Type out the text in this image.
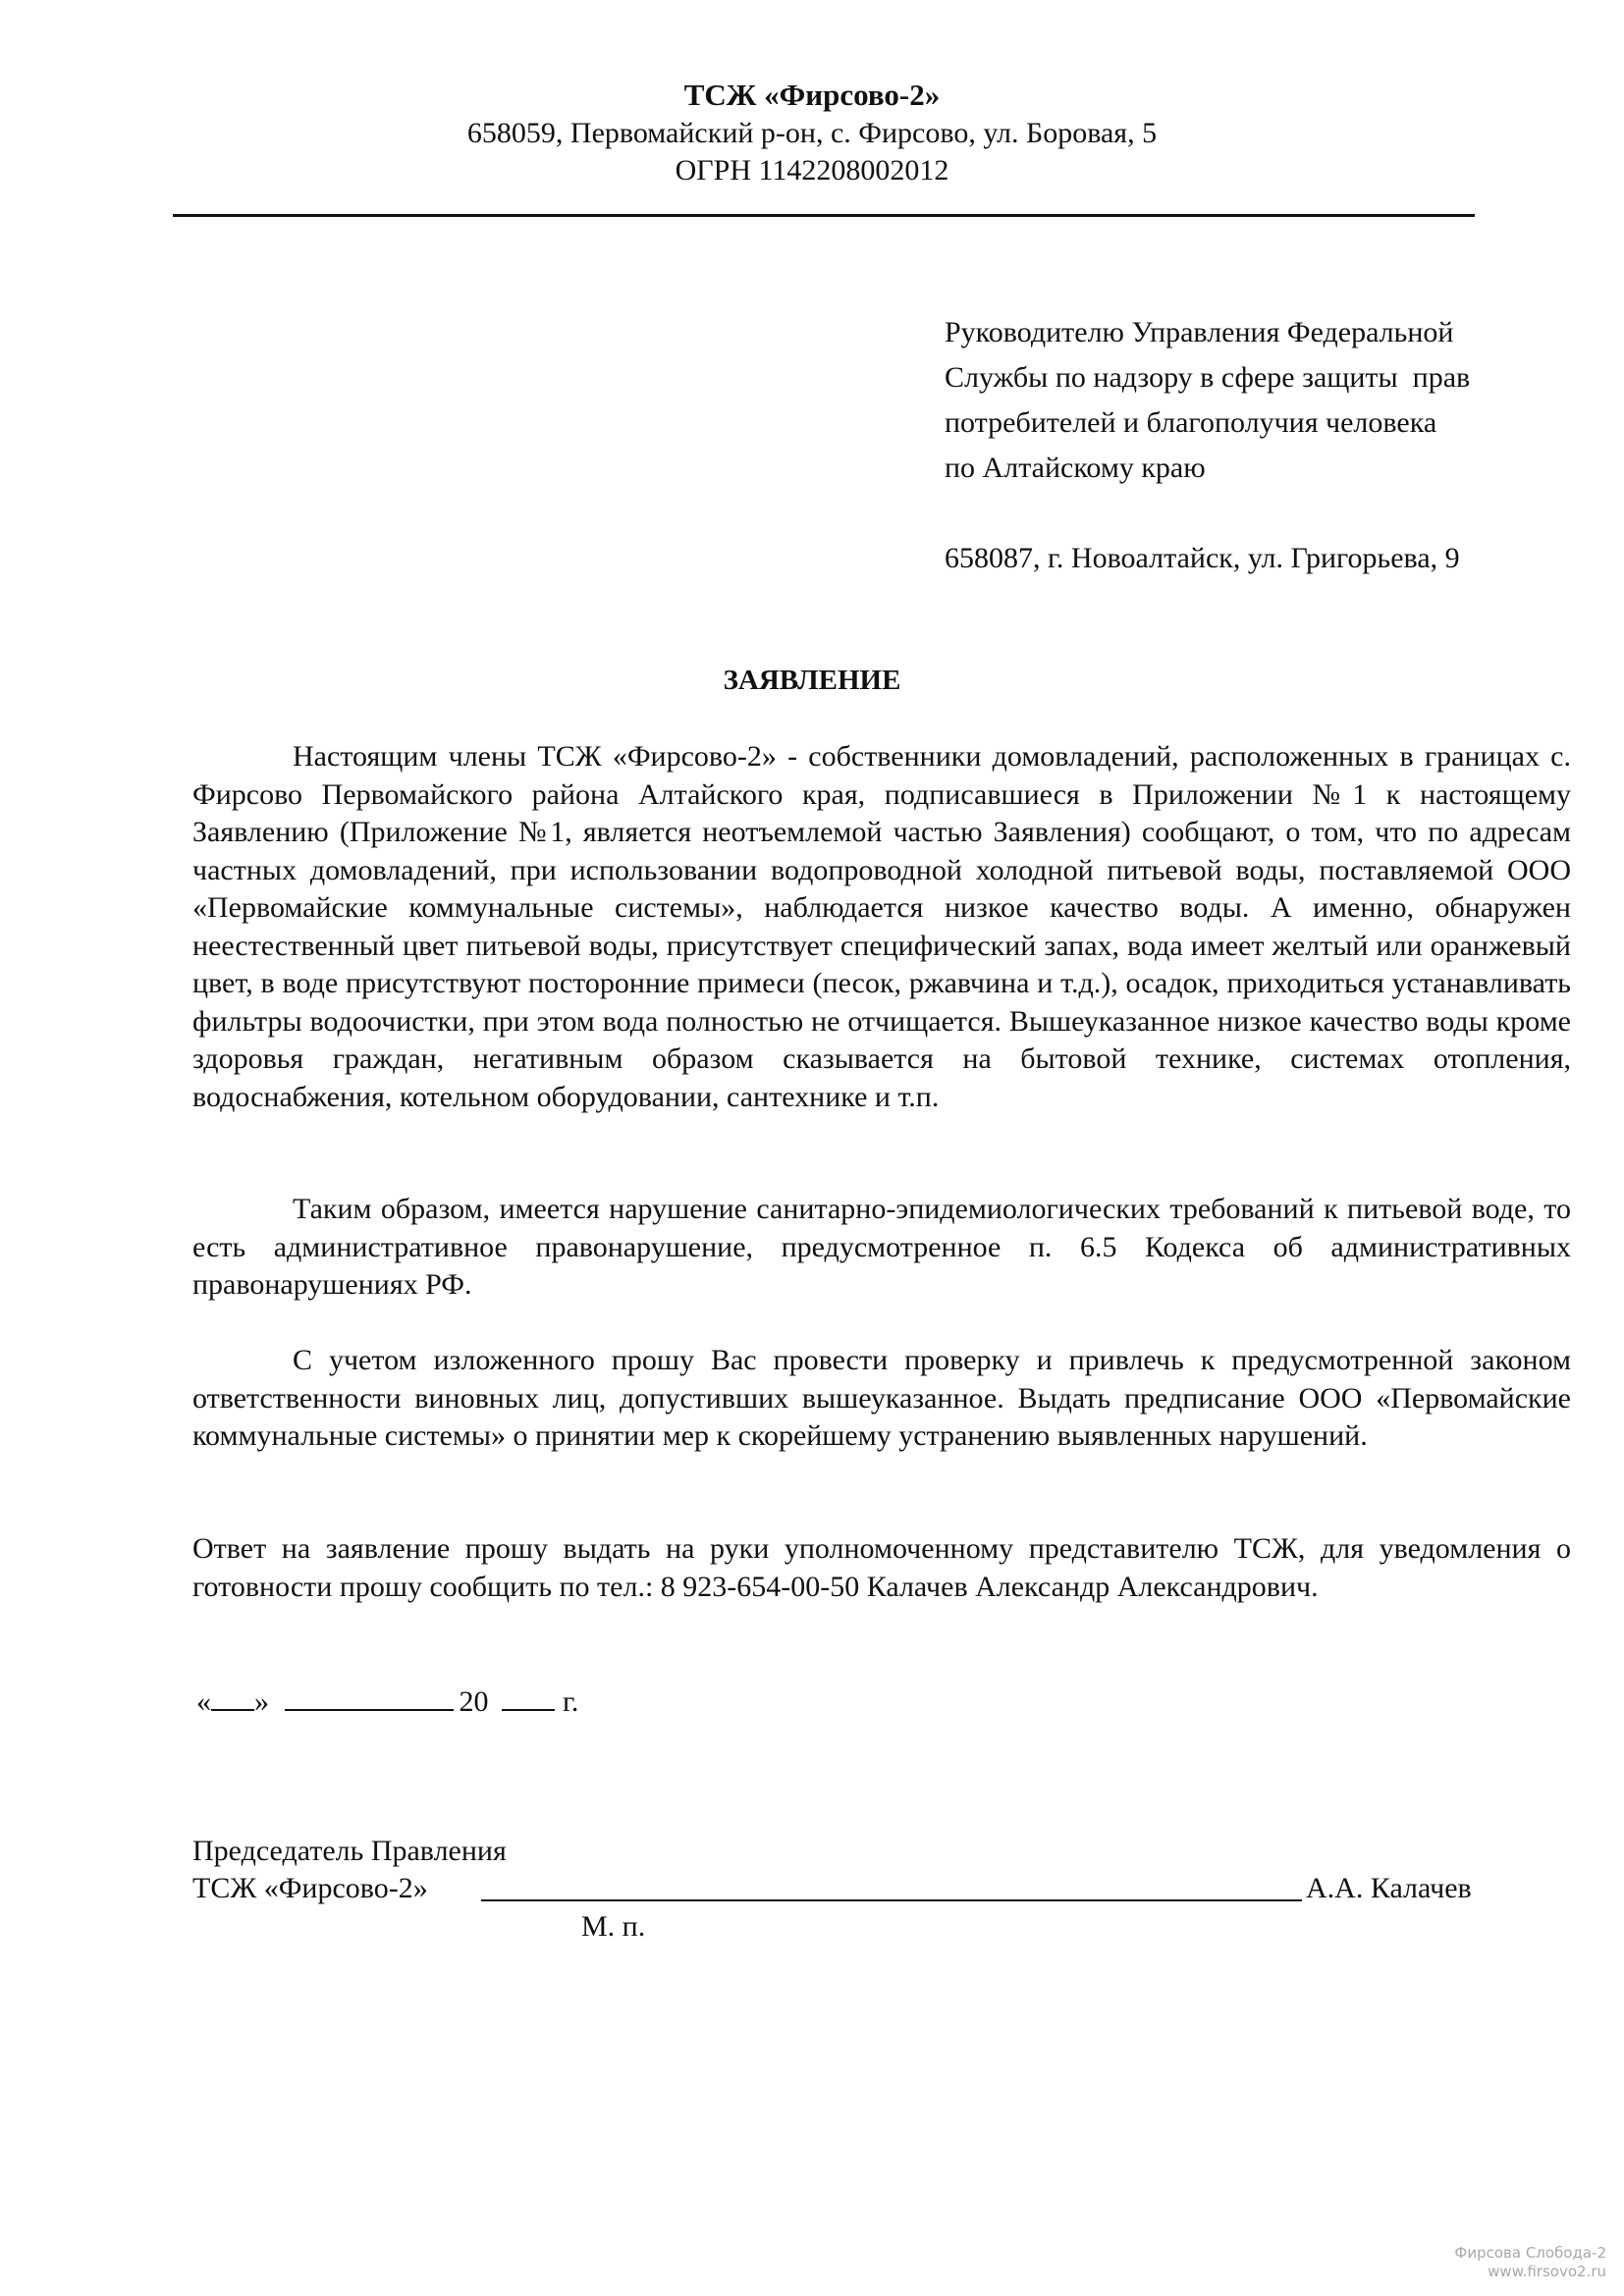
ТСЖ «Фирсово-2»
658059, Первомайский р-он, с. Фирсово, ул. Боровая, 5
ОГРН 1142208002012
Руководителю Управления Федеральной
Службы по надзору в сфере защиты  прав
потребителей и благополучия человека
по Алтайскому краю
658087, г. Новоалтайск, ул. Григорьева, 9
ЗАЯВЛЕНИЕ

Настоящим члены ТСЖ «Фирсово-2» - собственники домовладений, расположенных в границах с. Фирсово Первомайского района Алтайского края, подписавшиеся в Приложении №1 к настоящему Заявлению (Приложение №1, является неотъемлемой частью Заявления) сообщают, о том, что по адресам частных домовладений, при использовании водопроводной холодной питьевой воды, поставляемой ООО «Первомайские коммунальные системы», наблюдается низкое качество воды. А именно, обнаружен неестественный цвет питьевой воды, присутствует специфический запах, вода имеет желтый или оранжевый цвет, в воде присутствуют посторонние примеси (песок, ржавчина и т.д.), осадок, приходиться устанавливать фильтры водоочистки, при этом вода полностью не отчищается. Вышеуказанное низкое качество воды кроме здоровья граждан, негативным образом сказывается на бытовой технике, системах отопления, водоснабжения, котельном оборудовании, сантехнике и т.п.

Таким образом, имеется нарушение санитарно-эпидемиологических требований к питьевой воде, то есть административное правонарушение, предусмотренное п. 6.5 Кодекса об административных правонарушениях РФ.

С учетом изложенного прошу Вас провести проверку и привлечь к предусмотренной законом ответственности виновных лиц, допустивших вышеуказанное. Выдать предписание ООО «Первомайские коммунальные системы» о принятии мер к скорейшему устранению выявленных нарушений.

Ответ на заявление прошу выдать на руки уполномоченному представителю ТСЖ, для уведомления о готовности прошу сообщить по тел.: 8 923-654-00-50 Калачев Александр Александрович.

« »	20	г.
Председатель Правления
ТСЖ «Фирсово-2»	А.А. Калачев
М. п.
Фирсова Слобода-2
www.firsovo2.ru
